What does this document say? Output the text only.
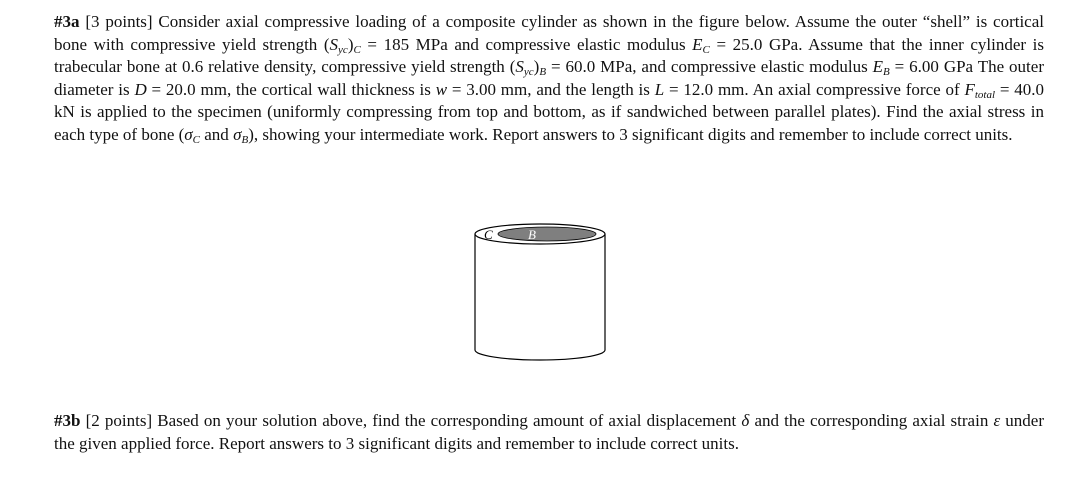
#3a [3 points] Consider axial compressive loading of a composite cylinder as shown in the figure below. Assume the outer “shell” is cortical bone with compressive yield strength $(S_{yc})_C = 185$ MPa and compressive elastic modulus $E_C = 25.0$ GPa. Assume that the inner cylinder is trabecular bone at 0.6 relative density, compressive yield strength $(S_{yc})_B = 60.0$ MPa, and compressive elastic modulus $E_B = 6.00$ GPa The outer diameter is D = 20.0 mm, the cortical wall thickness is w = 3.00 mm, and the length is L = 12.0 mm. An axial compressive force of $F_{total} = 40.0$ kN is applied to the specimen (uniformly compressing from top and bottom, as if sandwiched between parallel plates). Find the axial stress in each type of bone ($\sigma_C$ and $\sigma_B$), showing your intermediate work. Report answers to 3 significant digits and remember to include correct units.
C	B
#3b [2 points] Based on your solution above, find the corresponding amount of axial displacement δ and the corresponding axial strain ε under the given applied force. Report answers to 3 significant digits and remember to include correct units.
